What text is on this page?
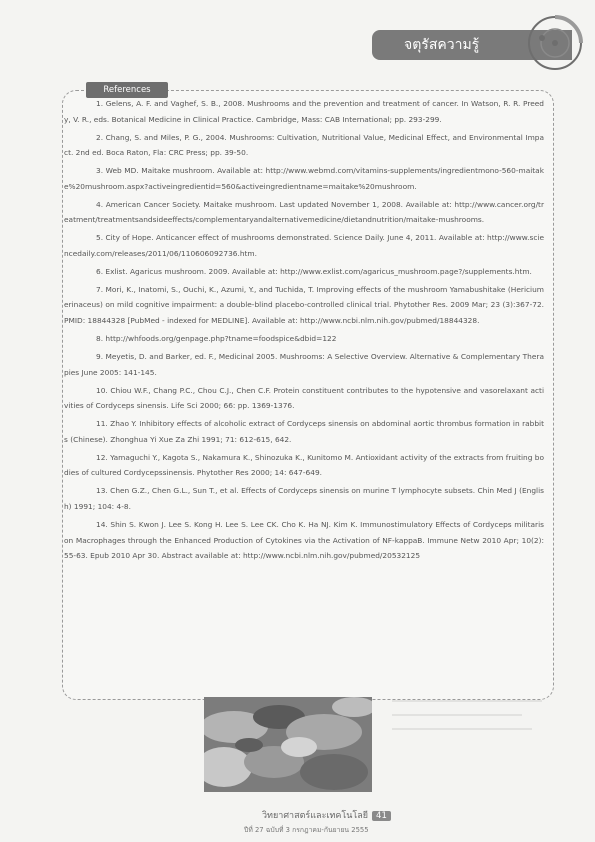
จตุรัสความรู้
References

1. Gelens, A. F. and Vaghef, S. B., 2008. Mushrooms and the prevention and treatment of cancer. In Watson, R. R. Preedy, V. R., eds. Botanical Medicine in Clinical Practice. Cambridge, Mass: CAB International; pp. 293-299.

2. Chang, S. and Miles, P. G., 2004. Mushrooms: Cultivation, Nutritional Value, Medicinal Effect, and Environmental Impact. 2nd ed. Boca Raton, Fla: CRC Press; pp. 39-50.

3. Web MD. Maitake mushroom. Available at: http://www.webmd.com/vitamins-supplements/ingredientmono-560-maitake%20mushroom.aspx?activeingredientid=560&activeingredientname=maitake%20mushroom.

4. American Cancer Society. Maitake mushroom. Last updated November 1, 2008. Available at: http://www.cancer.org/treatment/treatmentsandsideeffects/complementaryandalternativemedicine/dietandnutrition/maitake-mushrooms.

5. City of Hope. Anticancer effect of mushrooms demonstrated. Science Daily. June 4, 2011. Available at: http://www.sciencedaily.com/releases/2011/06/110606092736.htm.

6. Exlist. Agaricus mushroom. 2009. Available at: http://www.exlist.com/agaricus_mushroom.page?/supplements.htm.

7. Mori, K., Inatomi, S., Ouchi, K., Azumi, Y., and Tuchida, T. Improving effects of the mushroom Yamabushitake (Hericium erinaceus) on mild cognitive impairment: a double-blind placebo-controlled clinical trial. Phytother Res. 2009 Mar; 23 (3):367-72. PMID: 18844328 [PubMed - indexed for MEDLINE]. Available at: http://www.ncbi.nlm.nih.gov/pubmed/18844328.

8. http://whfoods.org/genpage.php?tname=foodspice&dbid=122

9. Meyetis, D. and Barker, ed. F., Medicinal 2005. Mushrooms: A Selective Overview. Alternative & Complementary Therapies June 2005: 141-145.

10. Chiou W.F., Chang P.C., Chou C.J., Chen C.F. Protein constituent contributes to the hypotensive and vasorelaxant activities of Cordyceps sinensis. Life Sci 2000; 66: pp. 1369-1376.

11. Zhao Y. Inhibitory effects of alcoholic extract of Cordyceps sinensis on abdominal aortic thrombus formation in rabbits (Chinese). Zhonghua Yi Xue Za Zhi 1991; 71: 612-615, 642.

12. Yamaguchi Y., Kagota S., Nakamura K., Shinozuka K., Kunitomo M. Antioxidant activity of the extracts from fruiting bodies of cultured Cordycepssinensis. Phytother Res 2000; 14: 647-649.

13. Chen G.Z., Chen G.L., Sun T., et al. Effects of Cordyceps sinensis on murine T lymphocyte subsets. Chin Med J (English) 1991; 104: 4-8.

14. Shin S. Kwon J. Lee S. Kong H. Lee S. Lee CK. Cho K. Ha NJ. Kim K. Immunostimulatory Effects of Cordyceps militaris on Macrophages through the Enhanced Production of Cytokines via the Activation of NF-kappaB. Immune Netw 2010 Apr; 10(2): 55-63. Epub 2010 Apr 30. Abstract available at: http://www.ncbi.nlm.nih.gov/pubmed/20532125

วิทยาศาสตร์และเทคโนโลยี 41
ปีที่ 27 ฉบับที่ 3 กรกฎาคม-กันยายน 2555
